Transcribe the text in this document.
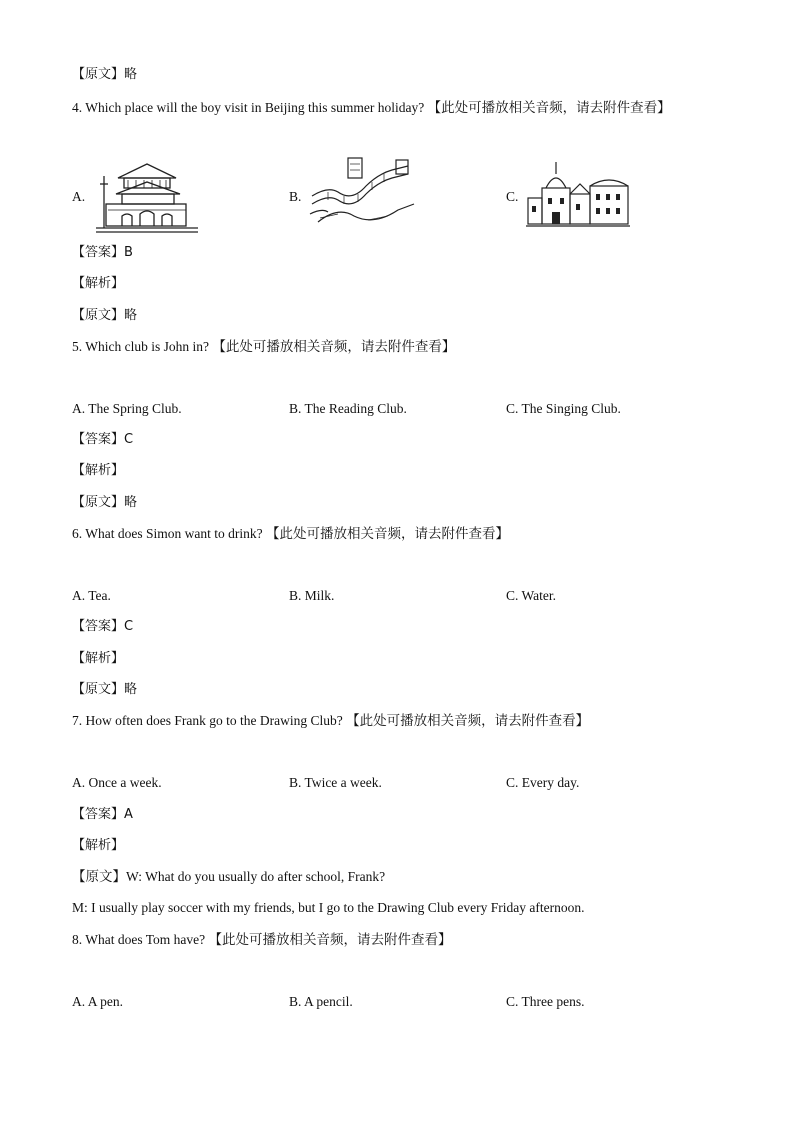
【原文】略
4. Which place will the boy visit in Beijing this summer holiday? 【此处可播放相关音频，请去附件查看】
A.	B.	C.
【答案】B
【解析】
【原文】略
5. Which club is John in? 【此处可播放相关音频，请去附件查看】
A. The Spring Club.	B. The Reading Club.	C. The Singing Club.
【答案】C
【解析】
【原文】略
6. What does Simon want to drink? 【此处可播放相关音频，请去附件查看】
A. Tea.	B. Milk.	C. Water.
【答案】C
【解析】
【原文】略
7. How often does Frank go to the Drawing Club? 【此处可播放相关音频，请去附件查看】
A. Once a week.	B. Twice a week.	C. Every day.
【答案】A
【解析】
【原文】W: What do you usually do after school, Frank?
M: I usually play soccer with my friends, but I go to the Drawing Club every Friday afternoon.
8. What does Tom have? 【此处可播放相关音频，请去附件查看】
A. A pen.	B. A pencil.	C. Three pens.
